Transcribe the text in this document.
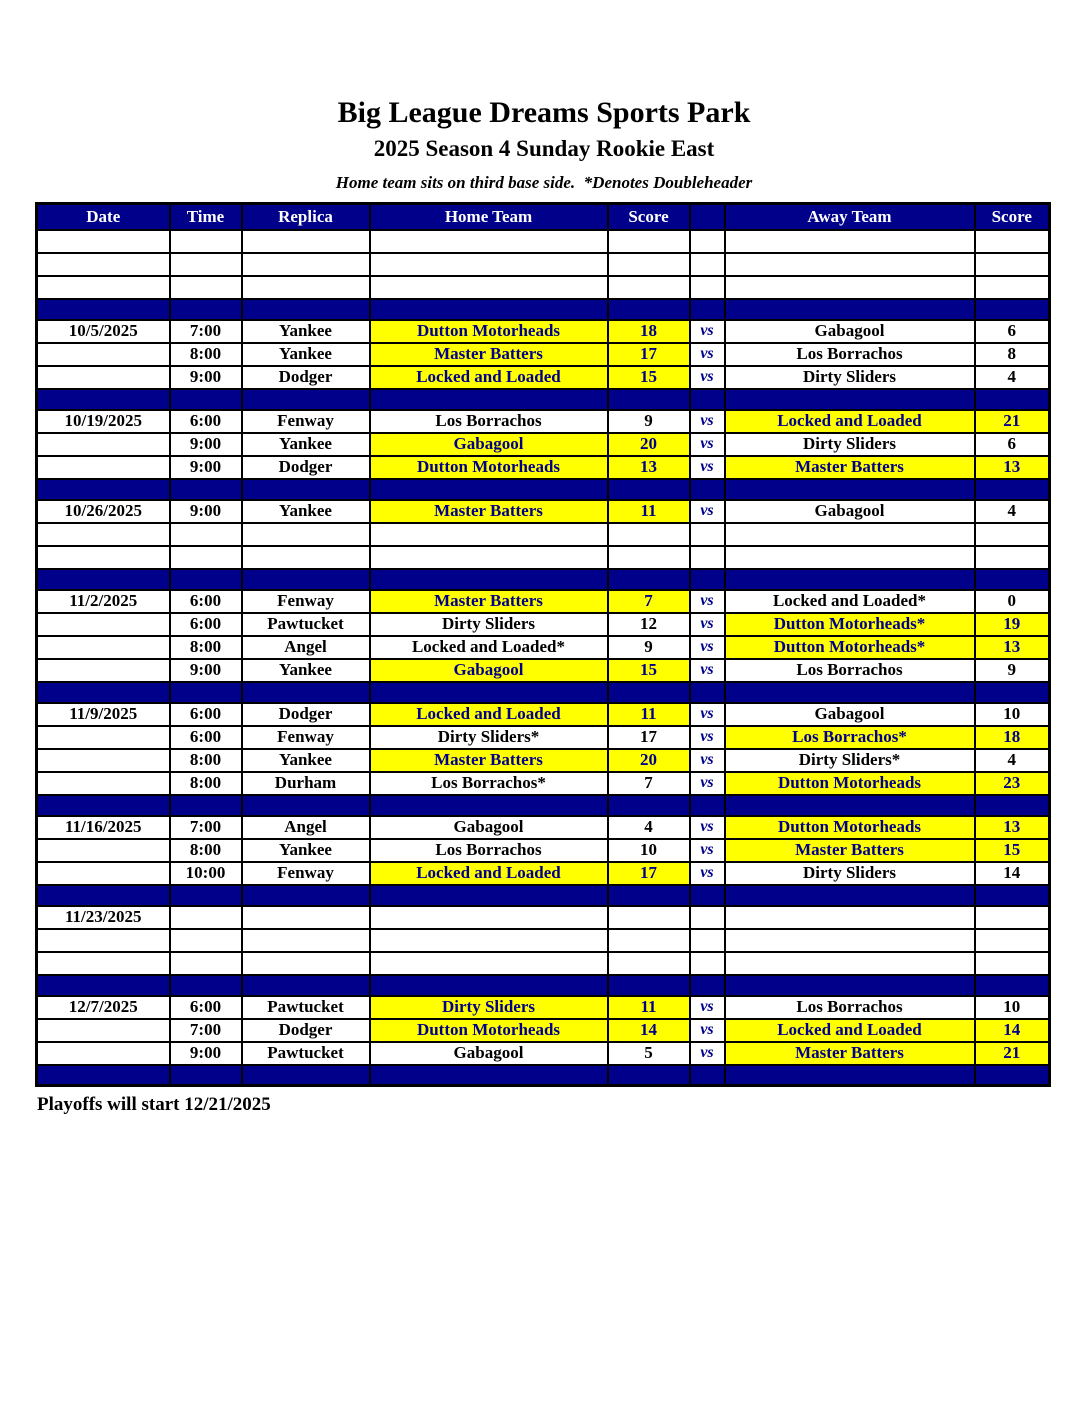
Big League Dreams Sports Park
2025 Season 4 Sunday Rookie East
Home team sits on third base side.  *Denotes Doubleheader
Date	Time	Replica	Home Team	Score		Away Team	Score

10/5/2025	7:00	Yankee	Dutton Motorheads	18	vs	Gabagool	6
	8:00	Yankee	Master Batters	17	vs	Los Borrachos	8
	9:00	Dodger	Locked and Loaded	15	vs	Dirty Sliders	4

10/19/2025	6:00	Fenway	Los Borrachos	9	vs	Locked and Loaded	21
	9:00	Yankee	Gabagool	20	vs	Dirty Sliders	6
	9:00	Dodger	Dutton Motorheads	13	vs	Master Batters	13

10/26/2025	9:00	Yankee	Master Batters	11	vs	Gabagool	4

11/2/2025	6:00	Fenway	Master Batters	7	vs	Locked and Loaded*	0
	6:00	Pawtucket	Dirty Sliders	12	vs	Dutton Motorheads*	19
	8:00	Angel	Locked and Loaded*	9	vs	Dutton Motorheads*	13
	9:00	Yankee	Gabagool	15	vs	Los Borrachos	9

11/9/2025	6:00	Dodger	Locked and Loaded	11	vs	Gabagool	10
	6:00	Fenway	Dirty Sliders*	17	vs	Los Borrachos*	18
	8:00	Yankee	Master Batters	20	vs	Dirty Sliders*	4
	8:00	Durham	Los Borrachos*	7	vs	Dutton Motorheads	23

11/16/2025	7:00	Angel	Gabagool	4	vs	Dutton Motorheads	13
	8:00	Yankee	Los Borrachos	10	vs	Master Batters	15
	10:00	Fenway	Locked and Loaded	17	vs	Dirty Sliders	14

11/23/2025							

12/7/2025	6:00	Pawtucket	Dirty Sliders	11	vs	Los Borrachos	10
	7:00	Dodger	Dutton Motorheads	14	vs	Locked and Loaded	14
	9:00	Pawtucket	Gabagool	5	vs	Master Batters	21

Playoffs will start 12/21/2025
